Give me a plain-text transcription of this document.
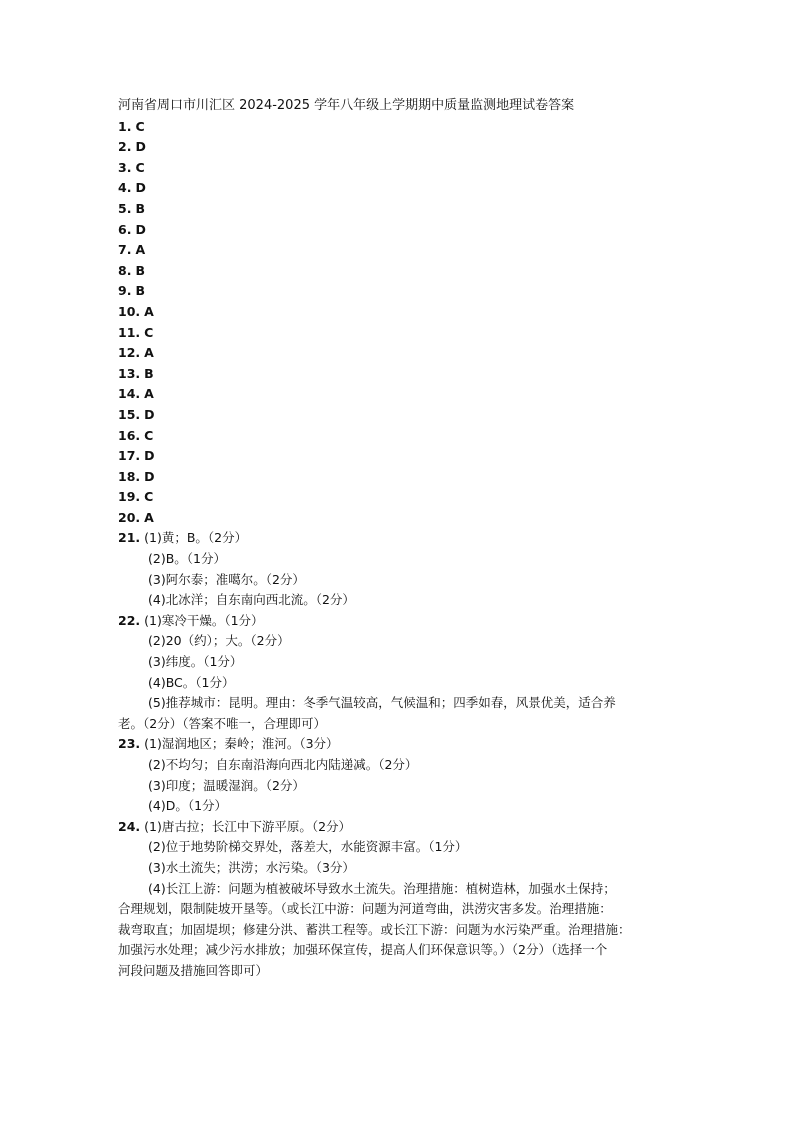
河南省周口市川汇区 2024-2025 学年八年级上学期期中质量监测地理试卷答案
1. C
2. D
3. C
4. D
5. B
6. D
7. A
8. B
9. B
10. A
11. C
12. A
13. B
14. A
15. D
16. C
17. D
18. D
19. C
20. A
21. (1)黄；B。（2分）
(2)B。（1分）
(3)阿尔泰；准噶尔。（2分）
(4)北冰洋；自东南向西北流。（2分）
22. (1)寒冷干燥。（1分）
(2)20（约）；大。（2分）
(3)纬度。（1分）
(4)BC。（1分）
(5)推荐城市：昆明。理由：冬季气温较高，气候温和；四季如春，风景优美，适合养
老。（2分）（答案不唯一，合理即可）
23. (1)湿润地区；秦岭；淮河。（3分）
(2)不均匀；自东南沿海向西北内陆递减。（2分）
(3)印度；温暖湿润。（2分）
(4)D。（1分）
24. (1)唐古拉；长江中下游平原。（2分）
(2)位于地势阶梯交界处，落差大，水能资源丰富。（1分）
(3)水土流失；洪涝；水污染。（3分）
(4)长江上游：问题为植被破坏导致水土流失。治理措施：植树造林，加强水土保持；
合理规划，限制陡坡开垦等。（或长江中游：问题为河道弯曲，洪涝灾害多发。治理措施：
裁弯取直；加固堤坝；修建分洪、蓄洪工程等。或长江下游：问题为水污染严重。治理措施：
加强污水处理；减少污水排放；加强环保宣传，提高人们环保意识等。）（2分）（选择一个
河段问题及措施回答即可）
